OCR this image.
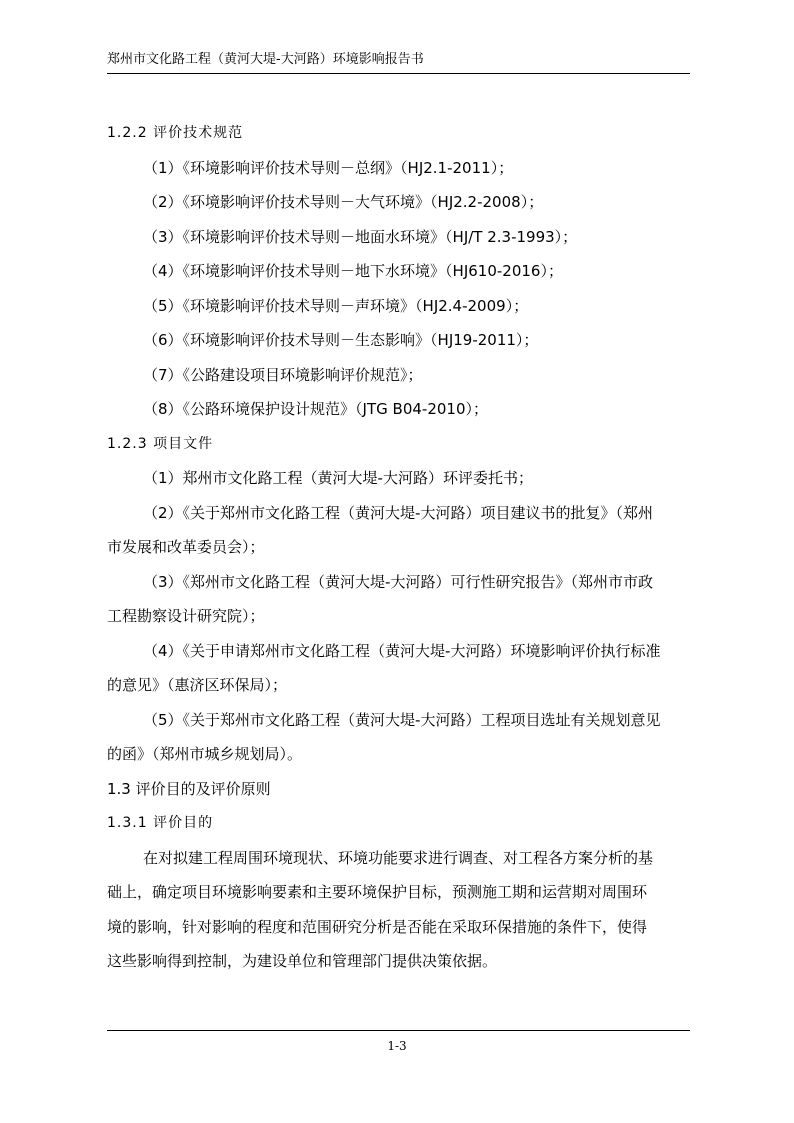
郑州市文化路工程（黄河大堤-大河路）环境影响报告书
1.2.2 评价技术规范
（1）《环境影响评价技术导则－总纲》（HJ2.1-2011）；
（2）《环境影响评价技术导则－大气环境》（HJ2.2-2008）；
（3）《环境影响评价技术导则－地面水环境》（HJ/T 2.3-1993）；
（4）《环境影响评价技术导则－地下水环境》（HJ610-2016）；
（5）《环境影响评价技术导则－声环境》（HJ2.4-2009）；
（6）《环境影响评价技术导则－生态影响》（HJ19-2011）；
（7）《公路建设项目环境影响评价规范》；
（8）《公路环境保护设计规范》（JTG B04-2010）；
1.2.3 项目文件
（1）郑州市文化路工程（黄河大堤-大河路）环评委托书；
（2）《关于郑州市文化路工程（黄河大堤-大河路）项目建议书的批复》（郑州
市发展和改革委员会）；
（3）《郑州市文化路工程（黄河大堤-大河路）可行性研究报告》（郑州市市政
工程勘察设计研究院）；
（4）《关于申请郑州市文化路工程（黄河大堤-大河路）环境影响评价执行标准
的意见》（惠济区环保局）；
（5）《关于郑州市文化路工程（黄河大堤-大河路）工程项目选址有关规划意见
的函》（郑州市城乡规划局）。
1.3 评价目的及评价原则
1.3.1 评价目的
在对拟建工程周围环境现状、环境功能要求进行调查、对工程各方案分析的基
础上，确定项目环境影响要素和主要环境保护目标，预测施工期和运营期对周围环
境的影响，针对影响的程度和范围研究分析是否能在采取环保措施的条件下，使得
这些影响得到控制，为建设单位和管理部门提供决策依据。
1-3
